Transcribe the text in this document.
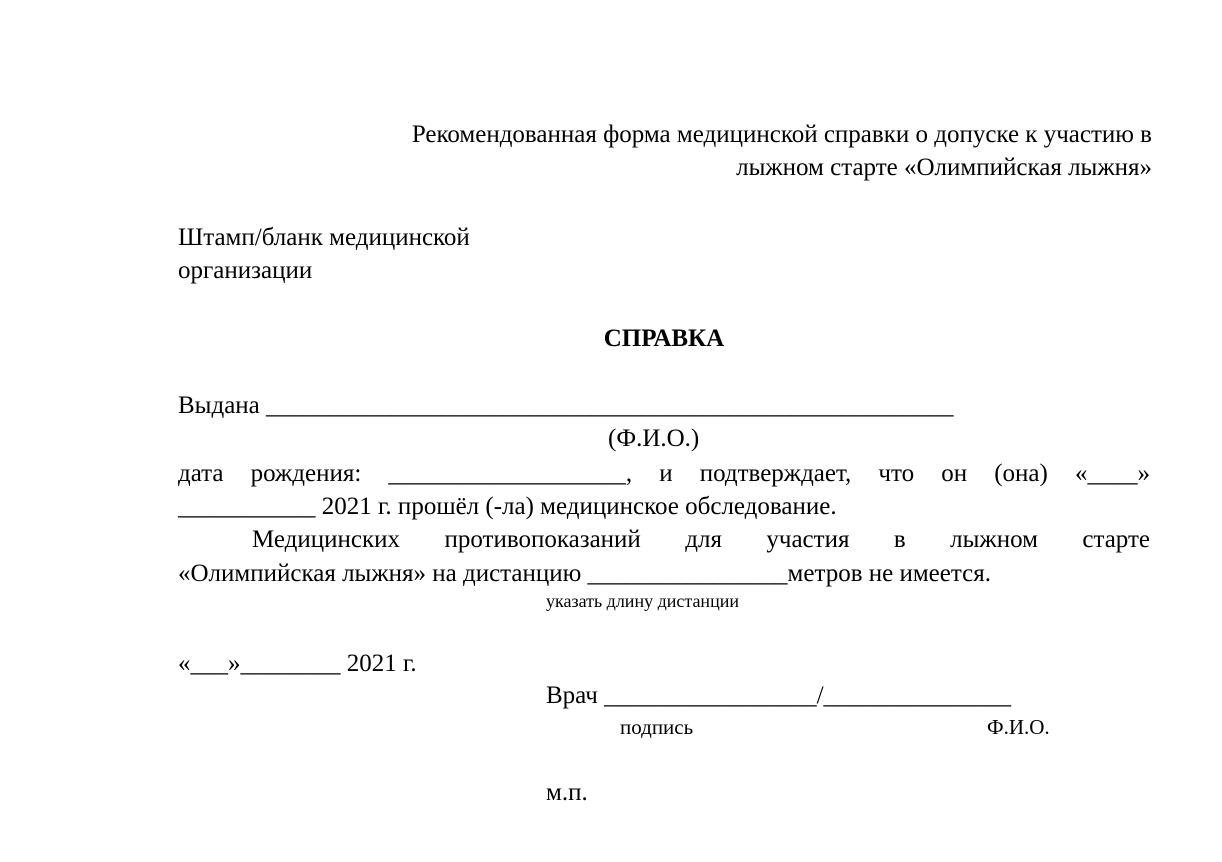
Рекомендованная форма медицинской справки о допуске к участию в
лыжном старте «Олимпийская лыжня»
Штамп/бланк медицинской
организации
СПРАВКА
Выдана _______________________________________________________
(Ф.И.О.)
дата рождения: ___________________, и подтверждает, что он (она) «____»
___________ 2021 г. прошёл (-ла) медицинское обследование.
Медицинских противопоказаний для участия в лыжном старте
«Олимпийская лыжня» на дистанцию ________________метров не имеется.
указать длину дистанции
«___»________ 2021 г.
Врач _________________/_______________
подпись	Ф.И.О.
м.п.
